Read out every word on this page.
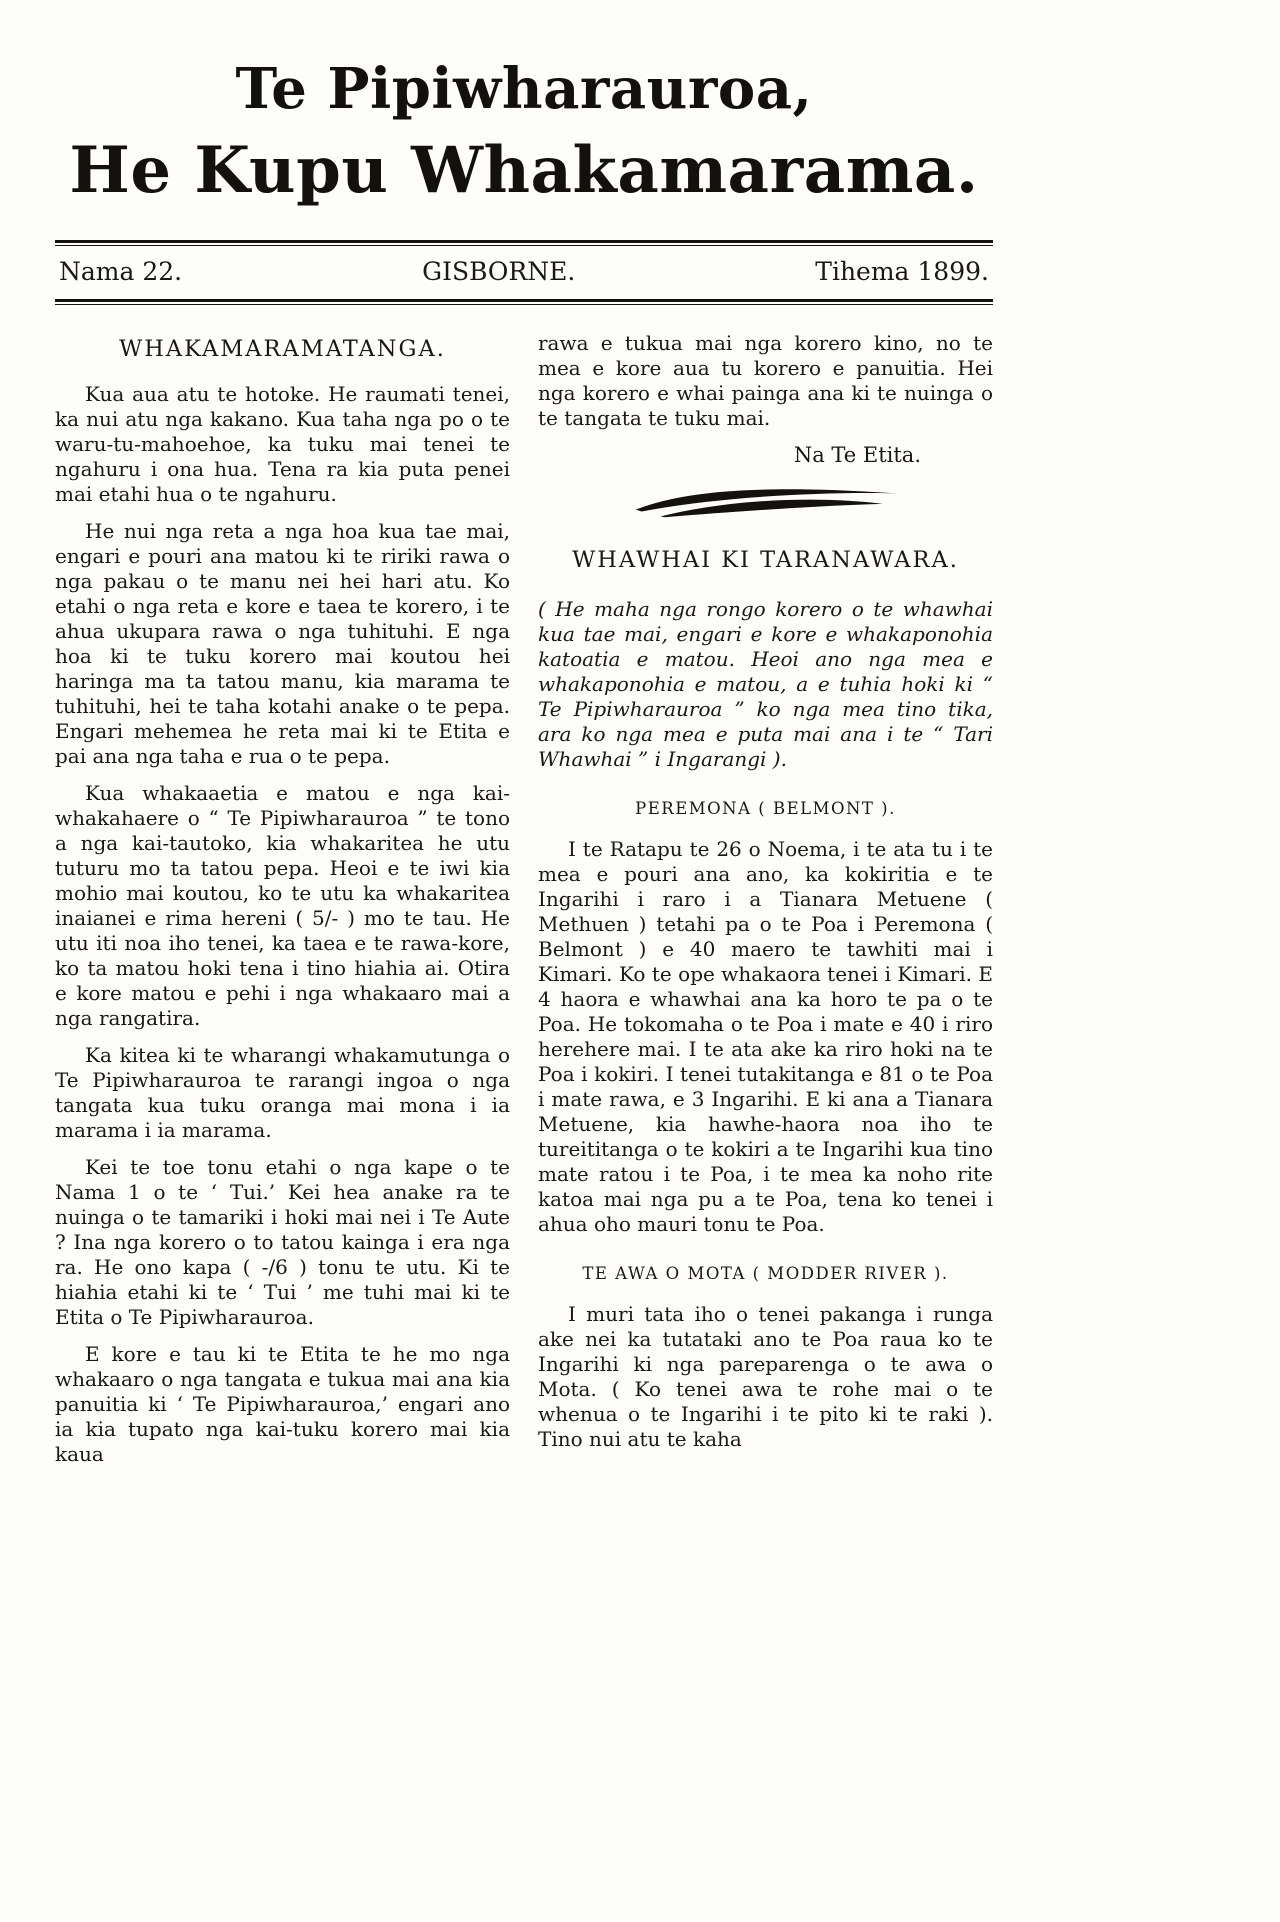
Te Pipiwharauroa,
He Kupu Whakamarama.
Nama 22.	GISBORNE.	Tihema 1899.
WHAKAMARAMATANGA.

Kua aua atu te hotoke. He raumati tenei, ka nui atu nga kakano. Kua taha nga po o te waru-tu-mahoehoe, ka tuku mai tenei te ngahuru i ona hua. Tena ra kia puta penei mai etahi hua o te ngahuru.

He nui nga reta a nga hoa kua tae mai, engari e pouri ana matou ki te ririki rawa o nga pakau o te manu nei hei hari atu. Ko etahi o nga reta e kore e taea te korero, i te ahua ukupara rawa o nga tuhituhi. E nga hoa ki te tuku korero mai koutou hei haringa ma ta tatou manu, kia marama te tuhituhi, hei te taha kotahi anake o te pepa. Engari mehemea he reta mai ki te Etita e pai ana nga taha e rua o te pepa.

Kua whakaaetia e matou e nga kai-whakahaere o “ Te Pipiwharauroa ” te tono a nga kai-tautoko, kia whakaritea he utu tuturu mo ta tatou pepa. Heoi e te iwi kia mohio mai koutou, ko te utu ka whakaritea inaianei e rima hereni ( 5/- ) mo te tau. He utu iti noa iho tenei, ka taea e te rawa-kore, ko ta matou hoki tena i tino hiahia ai. Otira e kore matou e pehi i nga whakaaro mai a nga rangatira.

Ka kitea ki te wharangi whakamutunga o Te Pipiwharauroa te rarangi ingoa o nga tangata kua tuku oranga mai mona i ia marama i ia marama.

Kei te toe tonu etahi o nga kape o te Nama 1 o te ‘ Tui.’ Kei hea anake ra te nuinga o te tamariki i hoki mai nei i Te Aute ? Ina nga korero o to tatou kainga i era nga ra. He ono kapa ( -/6 ) tonu te utu. Ki te hiahia etahi ki te ‘ Tui ’ me tuhi mai ki te Etita o Te Pipiwharauroa.

E kore e tau ki te Etita te he mo nga whakaaro o nga tangata e tukua mai ana kia panuitia ki ‘ Te Pipiwharauroa,’ engari ano ia kia tupato nga kai-tuku korero mai kia kaua

rawa e tukua mai nga korero kino, no te mea e kore aua tu korero e panuitia. Hei nga korero e whai painga ana ki te nuinga o te tangata te tuku mai.

Na Te Etita.

WHAWHAI KI TARANAWARA.

( He maha nga rongo korero o te whawhai kua tae mai, engari e kore e whakaponohia katoatia e matou. Heoi ano nga mea e whakaponohia e matou, a e tuhia hoki ki “ Te Pipiwharauroa ” ko nga mea tino tika, ara ko nga mea e puta mai ana i te “ Tari Whawhai ” i Ingarangi ).

PEREMONA ( BELMONT ).

I te Ratapu te 26 o Noema, i te ata tu i te mea e pouri ana ano, ka kokiritia e te Ingarihi i raro i a Tianara Metuene ( Methuen ) tetahi pa o te Poa i Peremona ( Belmont ) e 40 maero te tawhiti mai i Kimari. Ko te ope whakaora tenei i Kimari. E 4 haora e whawhai ana ka horo te pa o te Poa. He tokomaha o te Poa i mate e 40 i riro herehere mai. I te ata ake ka riro hoki na te Poa i kokiri. I tenei tutakitanga e 81 o te Poa i mate rawa, e 3 Ingarihi. E ki ana a Tianara Metuene, kia hawhe-haora noa iho te tureititanga o te kokiri a te Ingarihi kua tino mate ratou i te Poa, i te mea ka noho rite katoa mai nga pu a te Poa, tena ko tenei i ahua oho mauri tonu te Poa.

TE AWA O MOTA ( MODDER RIVER ).

I muri tata iho o tenei pakanga i runga ake nei ka tutataki ano te Poa raua ko te Ingarihi ki nga pareparenga o te awa o Mota. ( Ko tenei awa te rohe mai o te whenua o te Ingarihi i te pito ki te raki ). Tino nui atu te kaha
